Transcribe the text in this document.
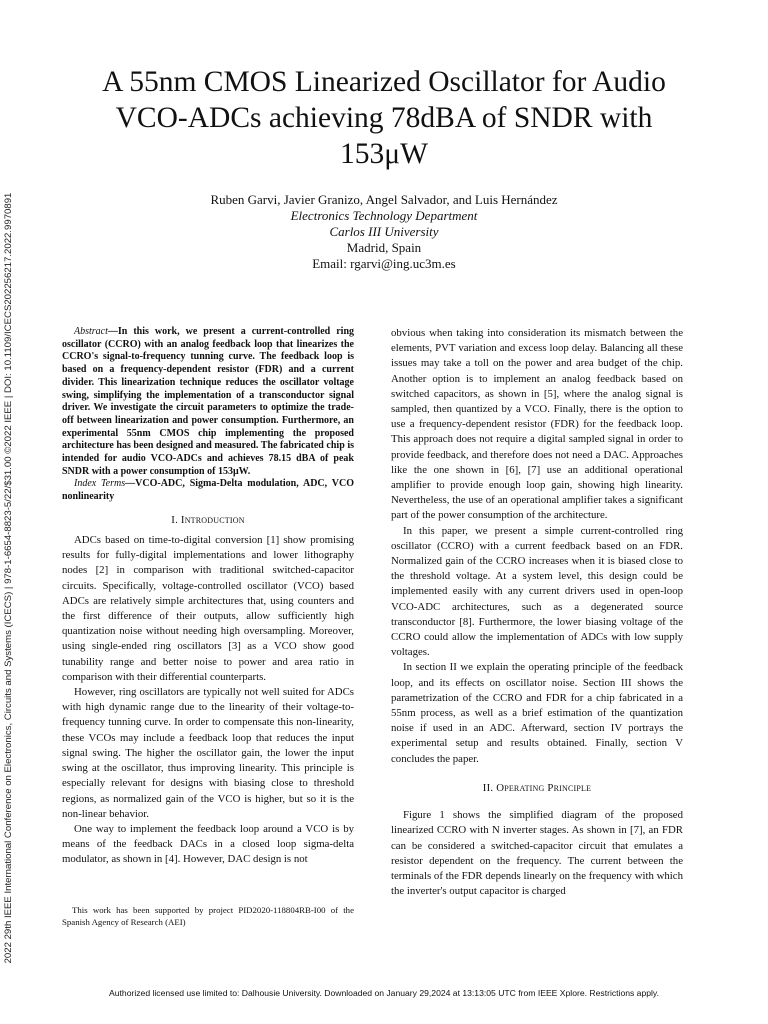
2022 29th IEEE International Conference on Electronics, Circuits and Systems (ICECS) | 978-1-6654-8823-5/22/$31.00 ©2022 IEEE | DOI: 10.1109/ICECS202256217.2022.9970891
A 55nm CMOS Linearized Oscillator for Audio
VCO-ADCs achieving 78dBA of SNDR with
153μW
Ruben Garvi, Javier Granizo, Angel Salvador, and Luis Hernández
Electronics Technology Department
Carlos III University
Madrid, Spain
Email: rgarvi@ing.uc3m.es

Abstract—In this work, we present a current-controlled ring oscillator (CCRO) with an analog feedback loop that linearizes the CCRO's signal-to-frequency tunning curve. The feedback loop is based on a frequency-dependent resistor (FDR) and a current divider. This linearization technique reduces the oscillator voltage swing, simplifying the implementation of a transconductor signal driver. We investigate the circuit parameters to optimize the trade-off between linearization and power consumption. Furthermore, an experimental 55nm CMOS chip implementing the proposed architecture has been designed and measured. The fabricated chip is intended for audio VCO-ADCs and achieves 78.15 dBA of peak SNDR with a power consumption of 153μW.

Index Terms—VCO-ADC, Sigma-Delta modulation, ADC, VCO nonlinearity

I. Introduction

ADCs based on time-to-digital conversion [1] show promising results for fully-digital implementations and lower lithography nodes [2] in comparison with traditional switched-capacitor circuits. Specifically, voltage-controlled oscillator (VCO) based ADCs are relatively simple architectures that, using counters and the first difference of their outputs, allow sufficiently high quantization noise without needing high oversampling. Moreover, using single-ended ring oscillators [3] as a VCO show good tunability range and better noise to power and area ratio in comparison with their differential counterparts.

However, ring oscillators are typically not well suited for ADCs with high dynamic range due to the linearity of their voltage-to-frequency tunning curve. In order to compensate this non-linearity, these VCOs may include a feedback loop that reduces the input signal swing. The higher the oscillator gain, the lower the input swing at the oscillator, thus improving linearity. This principle is especially relevant for designs with biasing close to threshold regions, as normalized gain of the VCO is higher, but so it is the non-linear behavior.

One way to implement the feedback loop around a VCO is by means of the feedback DACs in a closed loop sigma-delta modulator, as shown in [4]. However, DAC design is not

This work has been supported by project PID2020-118804RB-I00 of the Spanish Agency of Research (AEI)

obvious when taking into consideration its mismatch between the elements, PVT variation and excess loop delay. Balancing all these issues may take a toll on the power and area budget of the chip. Another option is to implement an analog feedback based on switched capacitors, as shown in [5], where the analog signal is sampled, then quantized by a VCO. Finally, there is the option to use a frequency-dependent resistor (FDR) for the feedback loop. This approach does not require a digital sampled signal in order to provide feedback, and therefore does not need a DAC. Approaches like the one shown in [6], [7] use an additional operational amplifier to provide enough loop gain, showing high linearity. Nevertheless, the use of an operational amplifier takes a significant part of the power consumption of the architecture.

In this paper, we present a simple current-controlled ring oscillator (CCRO) with a current feedback based on an FDR. Normalized gain of the CCRO increases when it is biased close to the threshold voltage. At a system level, this design could be implemented easily with any current drivers used in open-loop VCO-ADC architectures, such as a degenerated source transconductor [8]. Furthermore, the lower biasing voltage of the CCRO could allow the implementation of ADCs with low supply voltages.

In section II we explain the operating principle of the feedback loop, and its effects on oscillator noise. Section III shows the parametrization of the CCRO and FDR for a chip fabricated in a 55nm process, as well as a brief estimation of the quantization noise if used in an ADC. Afterward, section IV portrays the experimental setup and results obtained. Finally, section V concludes the paper.

II. Operating Principle

Figure 1 shows the simplified diagram of the proposed linearized CCRO with N inverter stages. As shown in [7], an FDR can be considered a switched-capacitor circuit that emulates a resistor dependent on the frequency. The current between the terminals of the FDR depends linearly on the frequency with which the inverter's output capacitor is charged

Authorized licensed use limited to: Dalhousie University. Downloaded on January 29,2024 at 13:13:05 UTC from IEEE Xplore. Restrictions apply.
